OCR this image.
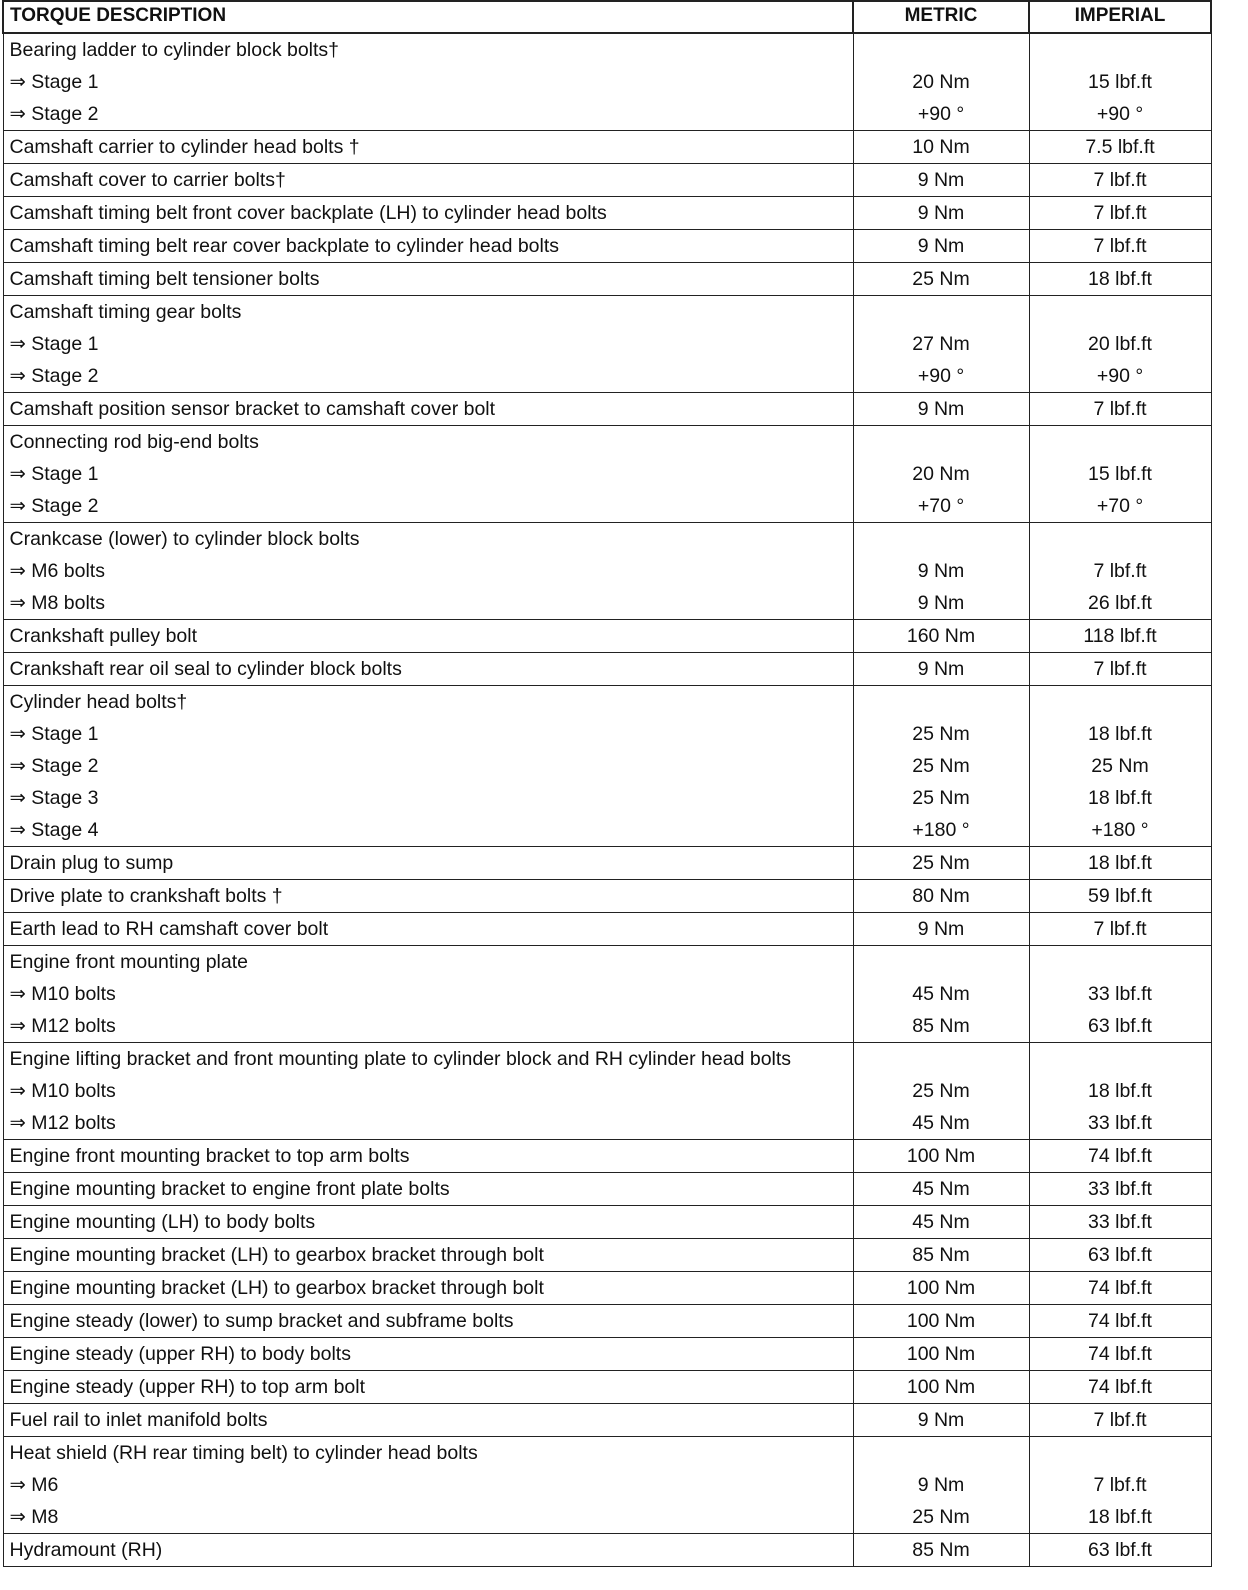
TORQUE DESCRIPTION	METRIC	IMPERIAL
Bearing ladder to cylinder block bolts†		
⇒ Stage 1	20 Nm	15 lbf.ft
⇒ Stage 2	+90 °	+90 °
Camshaft carrier to cylinder head bolts †	10 Nm	7.5 lbf.ft
Camshaft cover to carrier bolts†	9 Nm	7 lbf.ft
Camshaft timing belt front cover backplate (LH) to cylinder head bolts	9 Nm	7 lbf.ft
Camshaft timing belt rear cover backplate to cylinder head bolts	9 Nm	7 lbf.ft
Camshaft timing belt tensioner bolts	25 Nm	18 lbf.ft
Camshaft timing gear bolts		
⇒ Stage 1	27 Nm	20 lbf.ft
⇒ Stage 2	+90 °	+90 °
Camshaft position sensor bracket to camshaft cover bolt	9 Nm	7 lbf.ft
Connecting rod big-end bolts		
⇒ Stage 1	20 Nm	15 lbf.ft
⇒ Stage 2	+70 °	+70 °
Crankcase (lower) to cylinder block bolts		
⇒ M6 bolts	9 Nm	7 lbf.ft
⇒ M8 bolts	9 Nm	26 lbf.ft
Crankshaft pulley bolt	160 Nm	118 lbf.ft
Crankshaft rear oil seal to cylinder block bolts	9 Nm	7 lbf.ft
Cylinder head bolts†		
⇒ Stage 1	25 Nm	18 lbf.ft
⇒ Stage 2	25 Nm	25 Nm
⇒ Stage 3	25 Nm	18 lbf.ft
⇒ Stage 4	+180 °	+180 °
Drain plug to sump	25 Nm	18 lbf.ft
Drive plate to crankshaft bolts †	80 Nm	59 lbf.ft
Earth lead to RH camshaft cover bolt	9 Nm	7 lbf.ft
Engine front mounting plate		
⇒ M10 bolts	45 Nm	33 lbf.ft
⇒ M12 bolts	85 Nm	63 lbf.ft
Engine lifting bracket and front mounting plate to cylinder block and RH cylinder head bolts		
⇒ M10 bolts	25 Nm	18 lbf.ft
⇒ M12 bolts	45 Nm	33 lbf.ft
Engine front mounting bracket to top arm bolts	100 Nm	74 lbf.ft
Engine mounting bracket to engine front plate bolts	45 Nm	33 lbf.ft
Engine mounting (LH) to body bolts	45 Nm	33 lbf.ft
Engine mounting bracket (LH) to gearbox bracket through bolt	85 Nm	63 lbf.ft
Engine mounting bracket (LH) to gearbox bracket through bolt	100 Nm	74 lbf.ft
Engine steady (lower) to sump bracket and subframe bolts	100 Nm	74 lbf.ft
Engine steady (upper RH) to body bolts	100 Nm	74 lbf.ft
Engine steady (upper RH) to top arm bolt	100 Nm	74 lbf.ft
Fuel rail to inlet manifold bolts	9 Nm	7 lbf.ft
Heat shield (RH rear timing belt) to cylinder head bolts		
⇒ M6	9 Nm	7 lbf.ft
⇒ M8	25 Nm	18 lbf.ft
Hydramount (RH)	85 Nm	63 lbf.ft
